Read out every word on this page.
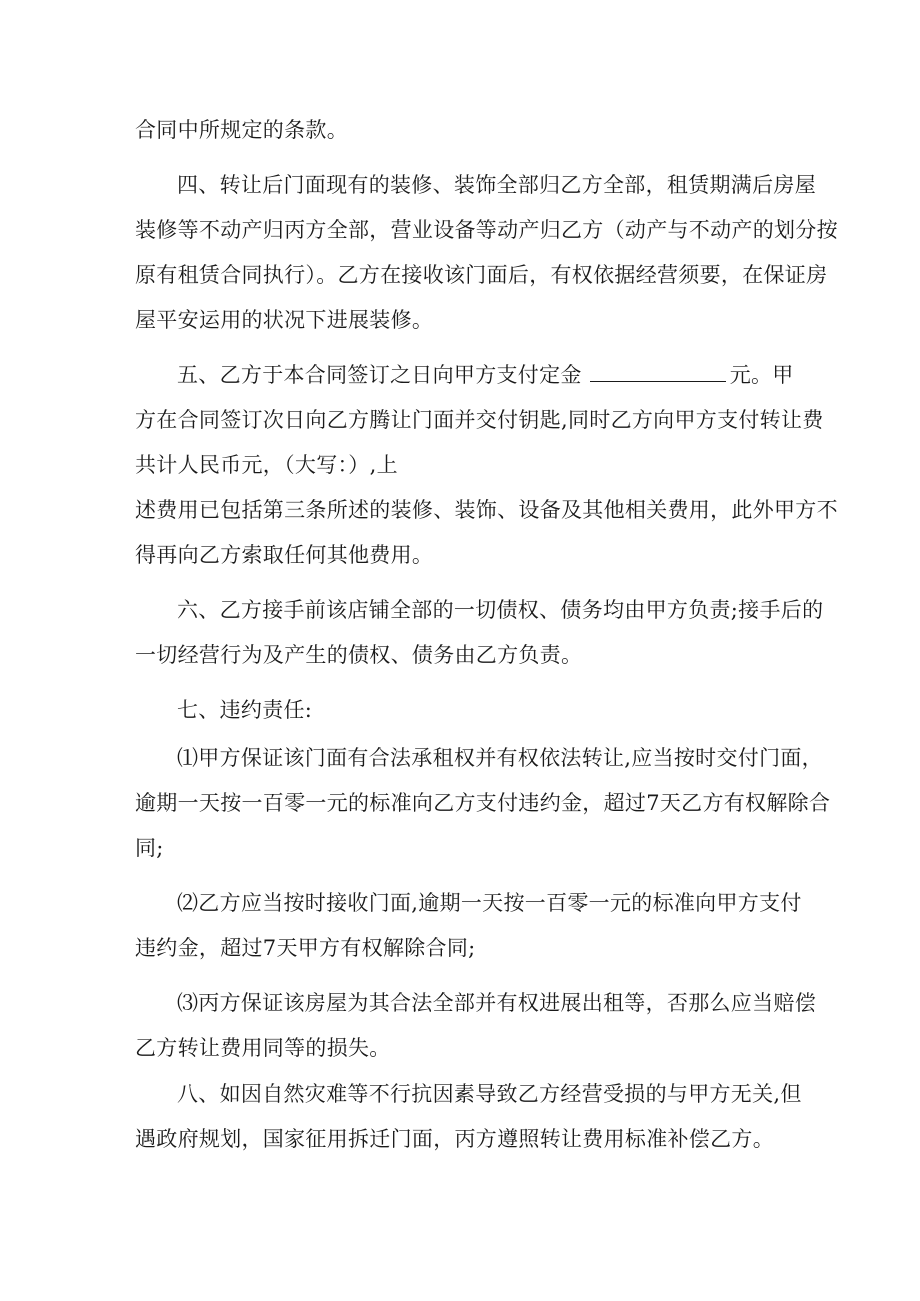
合同中所规定的条款。
四、转让后门面现有的装修、装饰全部归乙方全部，租赁期满后房屋
装修等不动产归丙方全部，营业设备等动产归乙方（动产与不动产的划分按
原有租赁合同执行）。乙方在接收该门面后，有权依据经营须要，在保证房
屋平安运用的状况下进展装修。
五、乙方于本合同签订之日向甲方支付定金	元。甲
方在合同签订次日向乙方腾让门面并交付钥匙,同时乙方向甲方支付转让费
共计人民币元，（大写：）,上
述费用已包括第三条所述的装修、装饰、设备及其他相关费用，此外甲方不
得再向乙方索取任何其他费用。
六、乙方接手前该店铺全部的一切债权、债务均由甲方负责;接手后的
一切经营行为及产生的债权、债务由乙方负责。
七、违约责任:
⑴甲方保证该门面有合法承租权并有权依法转让,应当按时交付门面，
逾期一天按一百零一元的标准向乙方支付违约金，超过7天乙方有权解除合
同;
⑵乙方应当按时接收门面,逾期一天按一百零一元的标准向甲方支付
违约金，超过7天甲方有权解除合同;
⑶丙方保证该房屋为其合法全部并有权进展出租等，否那么应当赔偿
乙方转让费用同等的损失。
八、如因自然灾难等不行抗因素导致乙方经营受损的与甲方无关,但
遇政府规划，国家征用拆迁门面，丙方遵照转让费用标准补偿乙方。
